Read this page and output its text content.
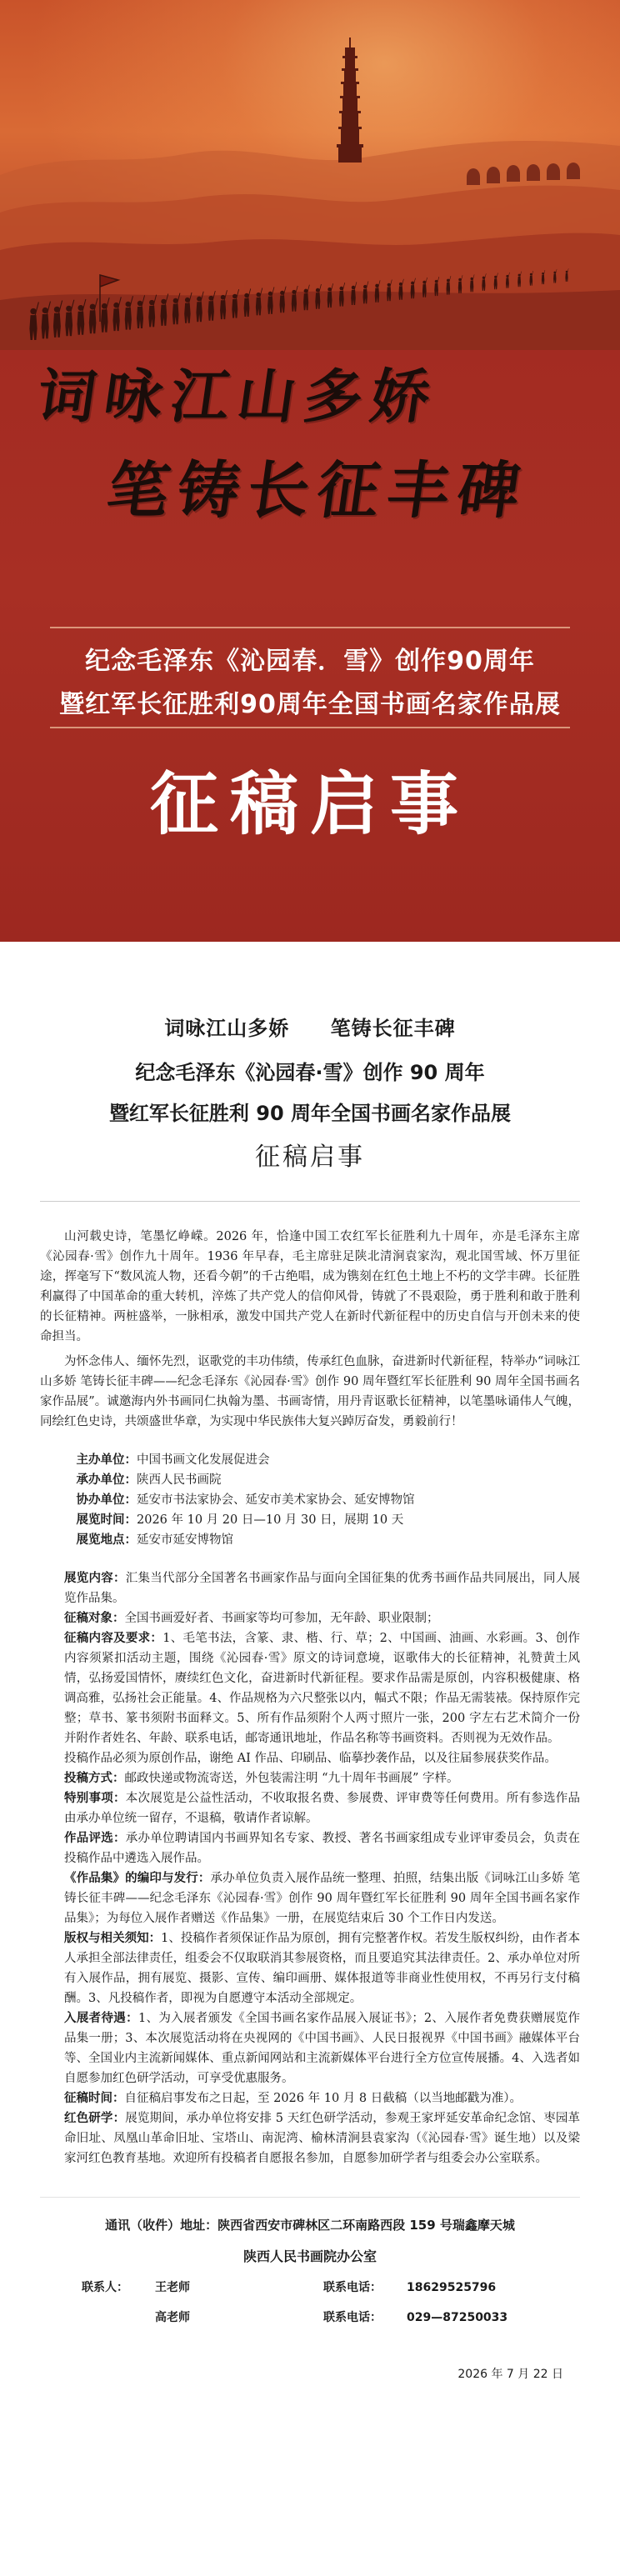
词咏江山多娇
笔铸长征丰碑
纪念毛泽东《沁园春．雪》创作90周年
暨红军长征胜利90周年全国书画名家作品展
征稿启事
词咏江山多娇 笔铸长征丰碑
纪念毛泽东《沁园春·雪》创作 90 周年
暨红军长征胜利 90 周年全国书画名家作品展
征稿启事

山河载史诗，笔墨忆峥嵘。2026 年，恰逢中国工农红军长征胜利九十周年，亦是毛泽东主席《沁园春·雪》创作九十周年。1936 年早春，毛主席驻足陕北清涧袁家沟，观北国雪域、怀万里征途，挥毫写下“数风流人物，还看今朝”的千古绝唱，成为镌刻在红色土地上不朽的文学丰碑。长征胜利赢得了中国革命的重大转机，淬炼了共产党人的信仰风骨，铸就了不畏艰险，勇于胜利和敢于胜利的长征精神。两桩盛举，一脉相承，激发中国共产党人在新时代新征程中的历史自信与开创未来的使命担当。

为怀念伟人、缅怀先烈，讴歌党的丰功伟绩，传承红色血脉，奋进新时代新征程，特举办“词咏江山多娇 笔铸长征丰碑——纪念毛泽东《沁园春·雪》创作 90 周年暨红军长征胜利 90 周年全国书画名家作品展”。诚邀海内外书画同仁执翰为墨、书画寄情，用丹青讴歌长征精神，以笔墨咏诵伟人气魄，同绘红色史诗，共颂盛世华章，为实现中华民族伟大复兴踔厉奋发，勇毅前行！

主办单位：中国书画文化发展促进会
承办单位：陕西人民书画院
协办单位：延安市书法家协会、延安市美术家协会、延安博物馆
展览时间：2026 年 10 月 20 日—10 月 30 日，展期 10 天
展览地点：延安市延安博物馆
展览内容：汇集当代部分全国著名书画家作品与面向全国征集的优秀书画作品共同展出，同人展览作品集。
征稿对象：全国书画爱好者、书画家等均可参加，无年龄、职业限制；
征稿内容及要求：1、毛笔书法，含篆、隶、楷、行、草；2、中国画、油画、水彩画。3、创作内容须紧扣活动主题，围绕《沁园春·雪》原文的诗词意境，讴歌伟大的长征精神，礼赞黄土风情，弘扬爱国情怀，赓续红色文化，奋进新时代新征程。要求作品需是原创，内容积极健康、格调高雅，弘扬社会正能量。4、作品规格为六尺整张以内，幅式不限；作品无需装裱。保持原作完整；草书、篆书须附书面释文。5、所有作品须附个人两寸照片一张，200 字左右艺术简介一份并附作者姓名、年龄、联系电话，邮寄通讯地址，作品名称等书画资料。否则视为无效作品。
投稿作品必须为原创作品，谢绝 AI 作品、印刷品、临摹抄袭作品，以及往届参展获奖作品。
投稿方式：邮政快递或物流寄送，外包装需注明 “九十周年书画展” 字样。
特别事项：本次展览是公益性活动，不收取报名费、参展费、评审费等任何费用。所有参选作品由承办单位统一留存，不退稿，敬请作者谅解。
作品评选：承办单位聘请国内书画界知名专家、教授、著名书画家组成专业评审委员会，负责在投稿作品中遴选入展作品。
《作品集》的编印与发行：承办单位负责入展作品统一整理、拍照，结集出版《词咏江山多娇 笔铸长征丰碑——纪念毛泽东《沁园春·雪》创作 90 周年暨红军长征胜利 90 周年全国书画名家作品集》；为每位入展作者赠送《作品集》一册，在展览结束后 30 个工作日内发送。
版权与相关须知：1、投稿作者须保证作品为原创，拥有完整著作权。若发生版权纠纷，由作者本人承担全部法律责任，组委会不仅取联消其参展资格，而且要追究其法律责任。2、承办单位对所有入展作品，拥有展览、摄影、宣传、编印画册、媒体报道等非商业性使用权，不再另行支付稿酬。3、凡投稿作者，即视为自愿遵守本活动全部规定。
入展者待遇：1、为入展者颁发《全国书画名家作品展入展证书》；2、入展作者免费获赠展览作品集一册；3、本次展览活动将在央视网的《中国书画》、人民日报视界《中国书画》融媒体平台等、全国业内主流新闻媒体、重点新闻网站和主流新媒体平台进行全方位宣传展播。4、入选者如自愿参加红色研学活动，可享受优惠服务。
征稿时间：自征稿启事发布之日起，至 2026 年 10 月 8 日截稿（以当地邮戳为准）。
红色研学：展览期间，承办单位将安排 5 天红色研学活动，参观王家坪延安革命纪念馆、枣园革命旧址、凤凰山革命旧址、宝塔山、南泥湾、榆林清涧县袁家沟（《沁园春·雪》诞生地）以及梁家河红色教育基地。欢迎所有投稿者自愿报名参加，自愿参加研学者与组委会办公室联系。
通讯（收件）地址：陕西省西安市碑林区二环南路西段 159 号瑞鑫摩天城
陕西人民书画院办公室
联系人： 王老师	联系电话： 18629525796
高老师	联系电话： 029—87250033
2026 年 7 月 22 日
